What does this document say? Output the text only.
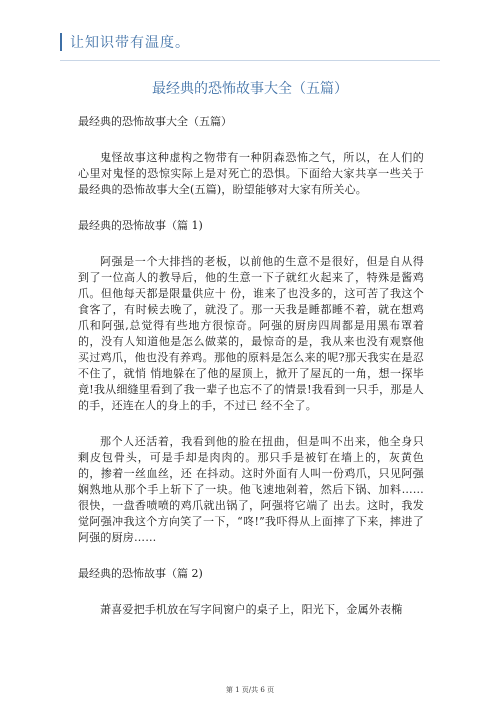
让知识带有温度。
最经典的恐怖故事大全（五篇）

最经典的恐怖故事大全（五篇）

鬼怪故事这种虚构之物带有一种阴森恐怖之气，所以，在人们的心里对鬼怪的恐惊实际上是对死亡的恐惧。下面给大家共享一些关于最经典的恐怖故事大全(五篇)，盼望能够对大家有所关心。

最经典的恐怖故事（篇 1)

阿强是一个大排挡的老板，以前他的生意不是很好，但是自从得到了一位高人的教导后，他的生意一下子就红火起来了，特殊是酱鸡爪。但他每天都是限量供应十 份，谁来了也没多的，这可苦了我这个食客了，有时候去晚了，就没了。那一天我是睡都睡不着，就在想鸡爪和阿强,总觉得有些地方很惊奇。阿强的厨房四周都是用黑布罩着的，没有人知道他是怎么做菜的，最惊奇的是，我从来也没有观察他买过鸡爪，他也没有养鸡。那他的原料是怎么来的呢?那天我实在是忍不住了，就悄 悄地躲在了他的屋顶上，掀开了屋瓦的一角，想一探毕竟!我从细缝里看到了我一辈子也忘不了的情景!我看到一只手，那是人的手，还连在人的身上的手，不过已 经不全了。

那个人还活着，我看到他的脸在扭曲，但是叫不出来，他全身只剩皮包骨头，可是手却是肉肉的。那只手是被钉在墙上的，灰黄色的，掺着一丝血丝，还 在抖动。这时外面有人叫一份鸡爪，只见阿强娴熟地从那个手上斩下了一块。他飞速地剁着，然后下锅、加料……很快，一盘香喷喷的鸡爪就出锅了，阿强将它端了 出去。这时，我发觉阿强冲我这个方向笑了一下，“咚!”我吓得从上面摔了下来，摔进了阿强的厨房……

最经典的恐怖故事（篇 2)

萧喜爱把手机放在写字间窗户的桌子上，阳光下，金属外表椭

第 1 页/共 6 页
